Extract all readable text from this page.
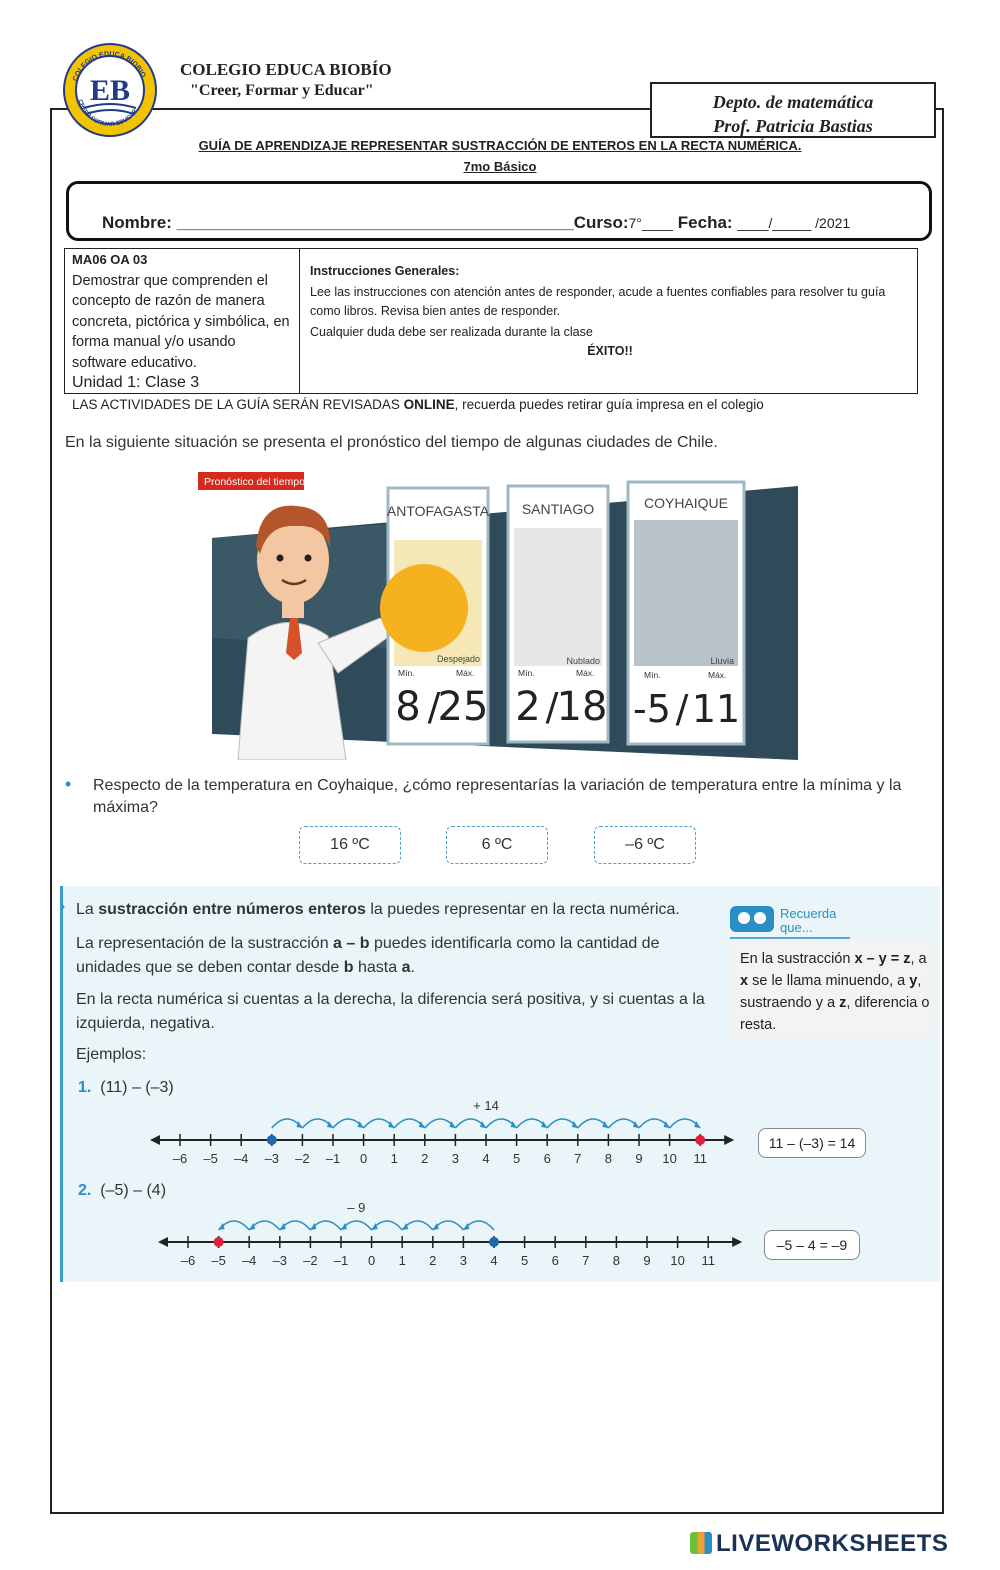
COLEGIO EDUCA BIOBIO
CREER FORMAR EDUCAR
EB
COLEGIO EDUCA BIOBÍO
"Creer, Formar y Educar"
Depto. de matemática
Prof. Patricia Bastias
GUÍA DE APRENDIZAJE REPRESENTAR SUSTRACCIÓN DE ENTEROS EN LA RECTA NUMÉRICA.
7mo Básico
Nombre: __________________________________________Curso:7°____ Fecha: ____/_____ /2021
MA06 OA 03
Demostrar que comprenden el concepto de razón de manera concreta, pictórica y simbólica, en forma manual y/o usando software educativo.
Unidad 1: Clase 3
Instrucciones Generales:
Lee las instrucciones con atención antes de responder, acude a fuentes confiables para resolver tu guía como libros. Revisa bien antes de responder.
Cualquier duda debe ser realizada durante la clase
ÉXITO!!
LAS ACTIVIDADES DE LA GUÍA SERÁN REVISADAS ONLINE, recuerda puedes retirar guía impresa en el colegio
En la siguiente situación se presenta el pronóstico del tiempo de algunas ciudades de Chile.
Pronóstico del tiempo
ANTOFAGASTA
Despejado
Mín.	Máx.
8 /
25
SANTIAGO
Nublado
Mín.	Máx.
2 /
18
COYHAIQUE
Lluvia
Mín.	Máx.
-5 / 11
• Respecto de la temperatura en Coyhaique, ¿cómo representarías la variación de temperatura entre la mínima y la máxima?
16 ºC	6 ºC	–6 ºC
› La sustracción entre números enteros la puedes representar en la recta numérica.
La representación de la sustracción a – b puedes identificarla como la cantidad de unidades que se deben contar desde b hasta a.
En la recta numérica si cuentas a la derecha, la diferencia será positiva, y si cuentas a la izquierda, negativa.
Ejemplos:
Recuerda
que...
En la sustracción x – y = z, a x se le llama minuendo, a y, sustraendo y a z, diferencia o resta.
1. (11) – (–3)
–6 –5 –4 –3 –2 –1 0 1 2 3 4 5 6 7 8 9 10 11
+ 14
11 – (–3) = 14
2. (–5) – (4)
–6 –5 –4 –3 –2 –1 0 1 2 3 4 5 6 7 8 9 10 11
– 9
–5 – 4 = –9
LIVEWORKSHEETS
